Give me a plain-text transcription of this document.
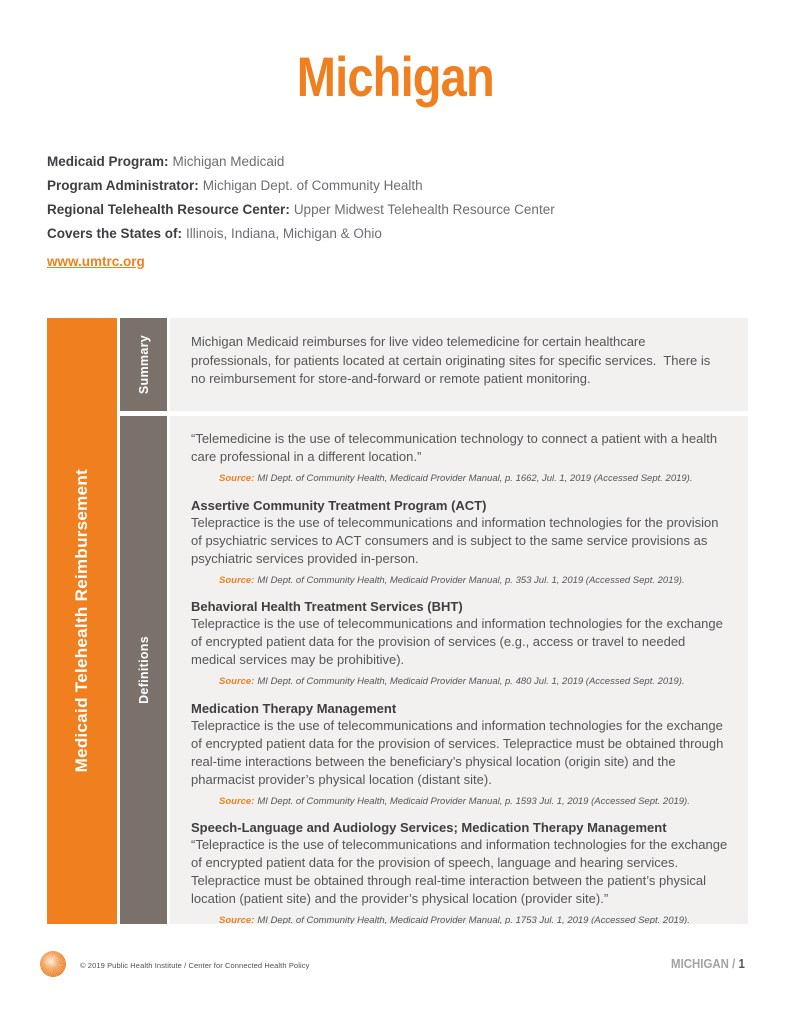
Michigan
Medicaid Program: Michigan Medicaid
Program Administrator: Michigan Dept. of Community Health
Regional Telehealth Resource Center: Upper Midwest Telehealth Resource Center
Covers the States of: Illinois, Indiana, Michigan & Ohio
www.umtrc.org
Medicaid Telehealth Reimbursement
Summary
Definitions

Michigan Medicaid reimburses for live video telemedicine for certain healthcare professionals, for patients located at certain originating sites for specific services.  There is no reimbursement for store-and-forward or remote patient monitoring.

“Telemedicine is the use of telecommunication technology to connect a patient with a health care professional in a different location.”

Source: MI Dept. of Community Health, Medicaid Provider Manual, p. 1662, Jul. 1, 2019 (Accessed Sept. 2019).

Assertive Community Treatment Program (ACT)

Telepractice is the use of telecommunications and information technologies for the provision of psychiatric services to ACT consumers and is subject to the same service provisions as psychiatric services provided in-person.

Source: MI Dept. of Community Health, Medicaid Provider Manual, p. 353 Jul. 1, 2019 (Accessed Sept. 2019).

Behavioral Health Treatment Services (BHT)

Telepractice is the use of telecommunications and information technologies for the exchange of encrypted patient data for the provision of services (e.g., access or travel to needed medical services may be prohibitive).

Source: MI Dept. of Community Health, Medicaid Provider Manual, p. 480 Jul. 1, 2019 (Accessed Sept. 2019).

Medication Therapy Management

Telepractice is the use of telecommunications and information technologies for the exchange of encrypted patient data for the provision of services. Telepractice must be obtained through real-time interactions between the beneficiary’s physical location (origin site) and the pharmacist provider’s physical location (distant site).

Source: MI Dept. of Community Health, Medicaid Provider Manual, p. 1593 Jul. 1, 2019 (Accessed Sept. 2019).

Speech-Language and Audiology Services; Medication Therapy Management

“Telepractice is the use of telecommunications and information technologies for the exchange of encrypted patient data for the provision of speech, language and hearing services. Telepractice must be obtained through real-time interaction between the patient’s physical location (patient site) and the provider’s physical location (provider site).”

Source: MI Dept. of Community Health, Medicaid Provider Manual, p. 1753 Jul. 1, 2019 (Accessed Sept. 2019).

© 2019 Public Health Institute / Center for Connected Health Policy	MICHIGAN / 1
